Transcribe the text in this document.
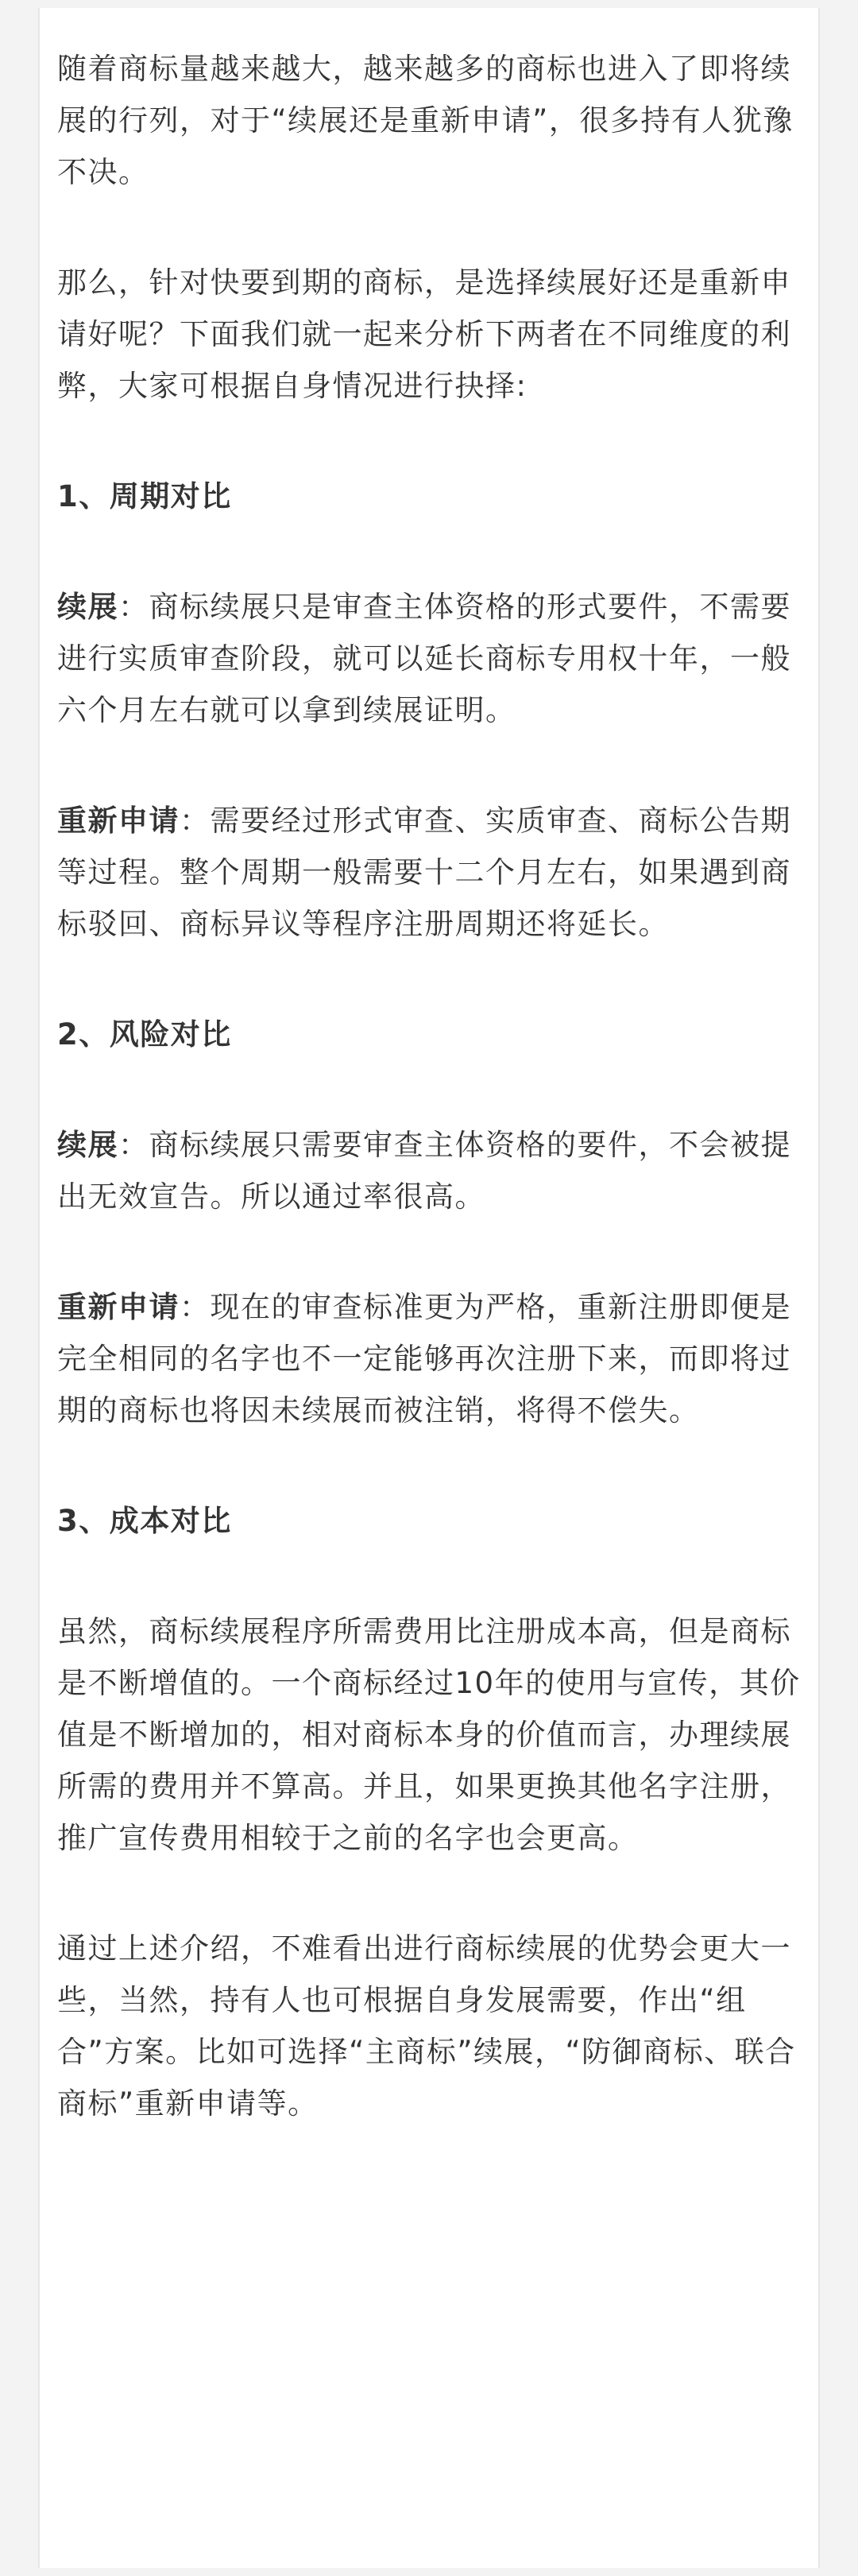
随着商标量越来越大，越来越多的商标也进入了即将续展的行列，对于“续展还是重新申请”，很多持有人犹豫不决。
那么，针对快要到期的商标，是选择续展好还是重新申请好呢？下面我们就一起来分析下两者在不同维度的利弊，大家可根据自身情况进行抉择:
1、周期对比
续展：商标续展只是审查主体资格的形式要件，不需要进行实质审查阶段，就可以延长商标专用权十年，一般六个月左右就可以拿到续展证明。
重新申请：需要经过形式审查、实质审查、商标公告期等过程。整个周期一般需要十二个月左右，如果遇到商标驳回、商标异议等程序注册周期还将延长。
2、风险对比
续展：商标续展只需要审查主体资格的要件，不会被提出无效宣告。所以通过率很高。
重新申请：现在的审查标准更为严格，重新注册即便是完全相同的名字也不一定能够再次注册下来，而即将过期的商标也将因未续展而被注销，将得不偿失。
3、成本对比
虽然，商标续展程序所需费用比注册成本高，但是商标是不断增值的。一个商标经过10年的使用与宣传，其价值是不断增加的，相对商标本身的价值而言，办理续展所需的费用并不算高。并且，如果更换其他名字注册，推广宣传费用相较于之前的名字也会更高。
通过上述介绍，不难看出进行商标续展的优势会更大一些，当然，持有人也可根据自身发展需要，作出“组合”方案。比如可选择“主商标”续展，“防御商标、联合商标”重新申请等。
